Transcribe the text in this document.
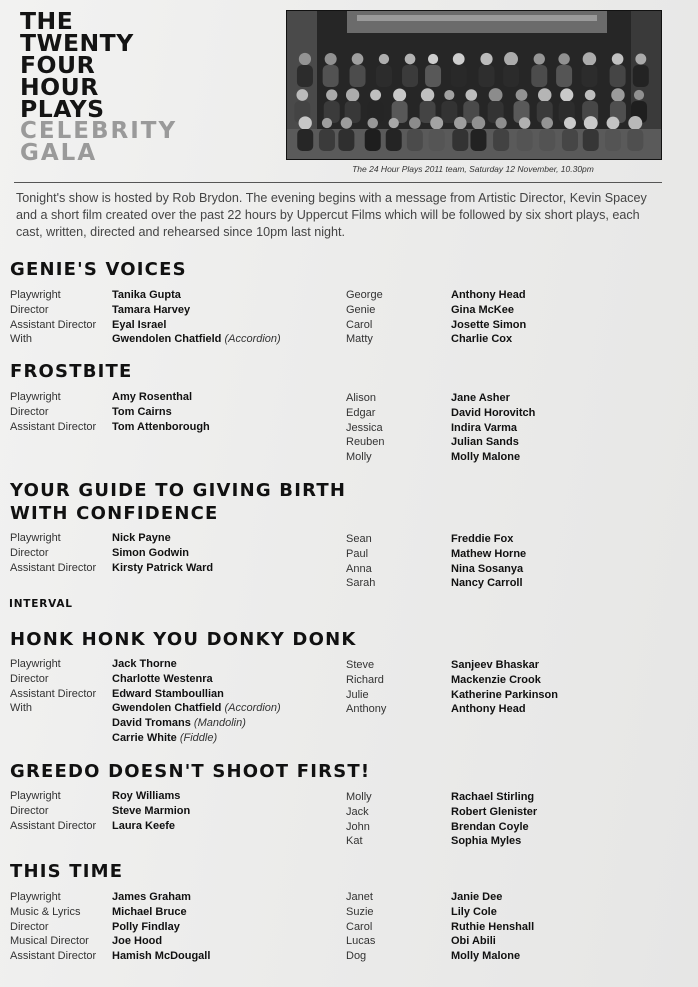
THE
TWENTY
FOUR
HOUR
PLAYS
CELEBRITY
GALA
The 24 Hour Plays 2011 team, Saturday 12 November, 10.30pm
Tonight's show is hosted by Rob Brydon. The evening begins with a message from Artistic Director, Kevin Spacey and a short film created over the past 22 hours by Uppercut Films which will be followed by six short plays, each cast, written, directed and rehearsed since 10pm last night.
INTERVAL
GENIE'S VOICES
Playwright
Director
Assistant Director
With
Tanika Gupta
Tamara Harvey
Eyal Israel
Gwendolen Chatfield (Accordion)
George
Genie
Carol
Matty
Anthony Head
Gina McKee
Josette Simon
Charlie Cox
FROSTBITE
Playwright
Director
Assistant Director
Amy Rosenthal
Tom Cairns
Tom Attenborough
Alison
Edgar
Jessica
Reuben
Molly
Jane Asher
David Horovitch
Indira Varma
Julian Sands
Molly Malone
YOUR GUIDE TO GIVING BIRTH
WITH CONFIDENCE
Playwright
Director
Assistant Director
Nick Payne
Simon Godwin
Kirsty Patrick Ward
Sean
Paul
Anna
Sarah
Freddie Fox
Mathew Horne
Nina Sosanya
Nancy Carroll
HONK HONK YOU DONKY DONK
Playwright
Director
Assistant Director
With
Jack Thorne
Charlotte Westenra
Edward Stamboullian
Gwendolen Chatfield (Accordion)
David Tromans (Mandolin)
Carrie White (Fiddle)
Steve
Richard
Julie
Anthony
Sanjeev Bhaskar
Mackenzie Crook
Katherine Parkinson
Anthony Head
GREEDO DOESN'T SHOOT FIRST!
Playwright
Director
Assistant Director
Roy Williams
Steve Marmion
Laura Keefe
Molly
Jack
John
Kat
Rachael Stirling
Robert Glenister
Brendan Coyle
Sophia Myles
THIS TIME
Playwright
Music & Lyrics
Director
Musical Director
Assistant Director
James Graham
Michael Bruce
Polly Findlay
Joe Hood
Hamish McDougall
Janet
Suzie
Carol
Lucas
Dog
Janie Dee
Lily Cole
Ruthie Henshall
Obi Abili
Molly Malone
